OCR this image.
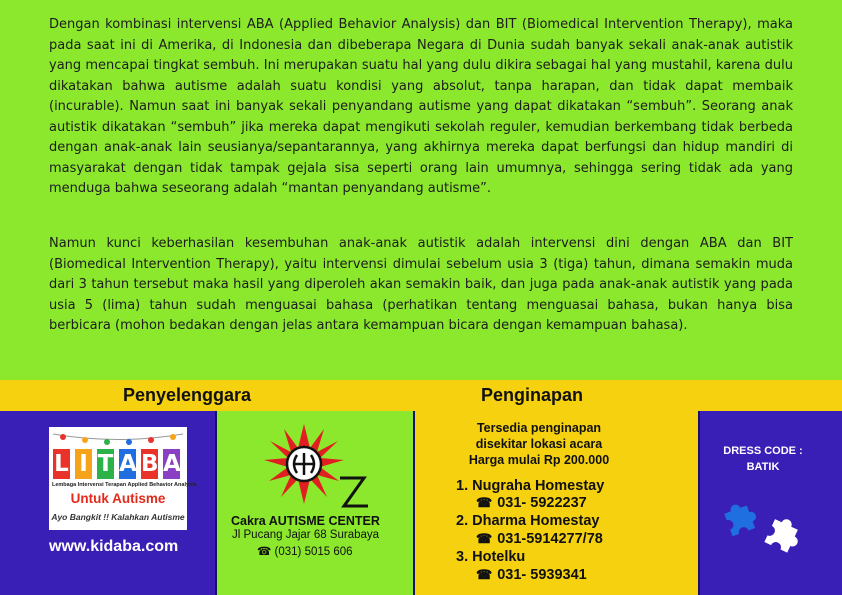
Dengan kombinasi intervensi ABA (Applied Behavior Analysis) dan BIT (Biomedical Intervention Therapy), maka pada saat ini di Amerika, di Indonesia dan dibeberapa Negara di Dunia sudah banyak sekali anak-anak autistik yang mencapai tingkat sembuh. Ini merupakan suatu hal yang dulu dikira sebagai hal yang mustahil, karena dulu dikatakan bahwa autisme adalah suatu kondisi yang absolut, tanpa harapan, dan tidak dapat membaik (incurable). Namun saat ini banyak sekali penyandang autisme yang dapat dikatakan “sembuh”. Seorang anak autistik dikatakan “sembuh” jika mereka dapat mengikuti sekolah reguler, kemudian berkembang tidak berbeda dengan anak-anak lain seusianya/sepantarannya, yang akhirnya mereka dapat berfungsi dan hidup mandiri di masyarakat dengan tidak tampak gejala sisa seperti orang lain umumnya, sehingga sering tidak ada yang menduga bahwa seseorang adalah “mantan penyandang autisme”.

Namun kunci keberhasilan kesembuhan anak-anak autistik adalah intervensi dini dengan ABA dan BIT (Biomedical Intervention Therapy), yaitu intervensi dimulai sebelum usia 3 (tiga) tahun, dimana semakin muda dari 3 tahun tersebut maka hasil yang diperoleh akan semakin baik, dan juga pada anak-anak autistik yang pada usia 5 (lima) tahun sudah menguasai bahasa (perhatikan tentang menguasai bahasa, bukan hanya bisa berbicara (mohon bedakan dengan jelas antara kemampuan bicara dengan kemampuan bahasa).

Penyelenggara	Penginapan
L I T A B A
Lembaga Intervensi Terapan Applied Behavior Analysis
Untuk Autisme
Ayo Bangkit !! Kalahkan Autisme
www.kidaba.com
Cakra AUTISME CENTER
Jl Pucang Jajar 68 Surabaya
☎ (031) 5015 606
Tersedia penginapan
disekitar lokasi acara
Harga mulai Rp 200.000
1. Nugraha Homestay
☎ 031- 5922237
2. Dharma Homestay
☎ 031-5914277/78
3. Hotelku
☎ 031- 5939341
DRESS CODE :
BATIK
